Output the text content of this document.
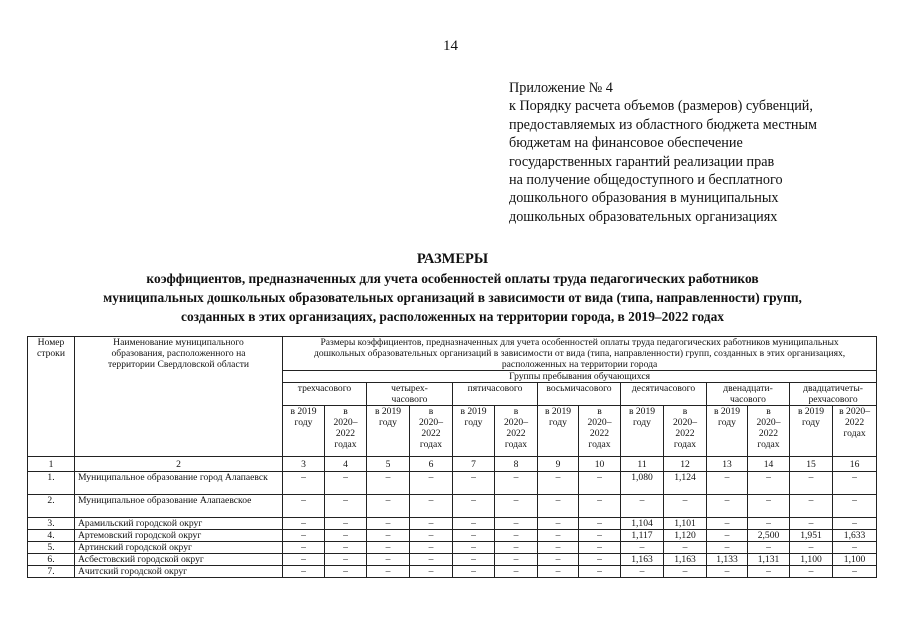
14
Приложение № 4
к Порядку расчета объемов (размеров) субвенций,
предоставляемых из областного бюджета местным
бюджетам на финансовое обеспечение
государственных гарантий реализации прав
на получение общедоступного и бесплатного
дошкольного образования в муниципальных
дошкольных образовательных организациях
РАЗМЕРЫ
коэффициентов, предназначенных для учета особенностей оплаты труда педагогических работников
муниципальных дошкольных образовательных организаций в зависимости от вида (типа, направленности) групп,
созданных в этих организациях, расположенных на территории города, в 2019–2022 годах
Номер строки	Наименование муниципального образования, расположенного на территории Свердловской области	Размеры коэффициентов, предназначенных для учета особенностей оплаты труда педагогических работников муниципальных дошкольных образовательных организаций в зависимости от вида (типа, направленности) групп, созданных в этих организациях, расположенных на территории города													
		Группы пребывания обучающихся													
		трехчасового		четырех-часового		пятичасового		восьмичасового		десятичасового		двенадцати-часового		двадцатичеты-рехчасового	
		в 2019 году	в 2020–2022 годах	в 2019 году	в 2020–2022 годах	в 2019 году	в 2020–2022 годах	в 2019 году	в 2020–2022 годах	в 2019 году	в 2020–2022 годах	в 2019 году	в 2020–2022 годах	в 2019 году	в 2020–2022 годах
1	2	3	4	5	6	7	8	9	10	11	12	13	14	15	16
1.	Муниципальное образование город Алапаевск	–	–	–	–	–	–	–	–	1,080	1,124	–	–	–	–
2.	Муниципальное образование Алапаевское	–	–	–	–	–	–	–	–	–	–	–	–	–	–
3.	Арамильский городской округ	–	–	–	–	–	–	–	–	1,104	1,101	–	–	–	–
4.	Артемовский городской округ	–	–	–	–	–	–	–	–	1,117	1,120	–	2,500	1,951	1,633
5.	Артинский городской округ	–	–	–	–	–	–	–	–	–	–	–	–	–	–
6.	Асбестовский городской округ	–	–	–	–	–	–	–	–	1,163	1,163	1,133	1,131	1,100	1,100
7.	Ачитский городской округ	–	–	–	–	–	–	–	–	–	–	–	–	–	–
